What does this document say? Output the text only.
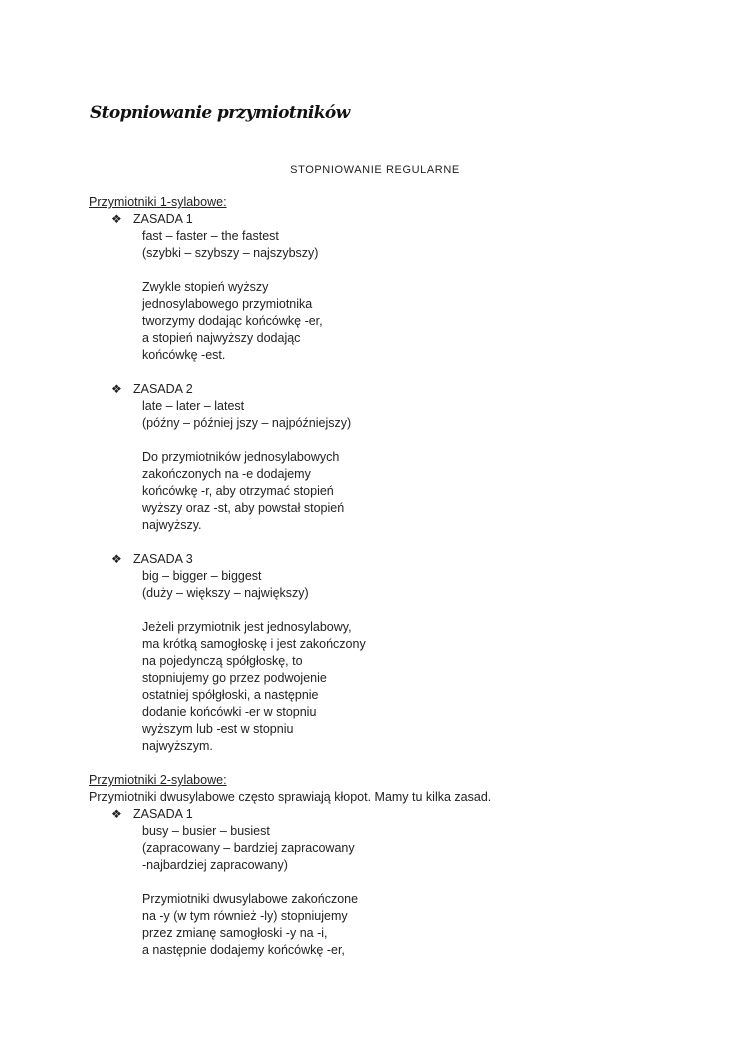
Stopniowanie przymiotników
STOPNIOWANIE REGULARNE
Przymiotniki 1-sylabowe:
❖ ZASADA 1
fast – faster – the fastest
(szybki – szybszy – najszybszy)
Zwykle stopień wyższy
jednosylabowego przymiotnika
tworzymy dodając końcówkę -er,
a stopień najwyższy dodając
końcówkę -est.
❖ ZASADA 2
late – later – latest
(późny – później jszy – najpóźniejszy)
Do przymiotników jednosylabowych
zakończonych na -e dodajemy
końcówkę -r, aby otrzymać stopień
wyższy oraz -st, aby powstał stopień
najwyższy.
❖ ZASADA 3
big – bigger – biggest
(duży – większy – największy)
Jeżeli przymiotnik jest jednosylabowy,
ma krótką samogłoskę i jest zakończony
na pojedynczą spółgłoskę, to
stopniujemy go przez podwojenie
ostatniej spółgłoski, a następnie
dodanie końcówki -er w stopniu
wyższym lub -est w stopniu
najwyższym.
Przymiotniki 2-sylabowe:
Przymiotniki dwusylabowe często sprawiają kłopot. Mamy tu kilka zasad.
❖ ZASADA 1
busy – busier – busiest
(zapracowany – bardziej zapracowany
-najbardziej zapracowany)
Przymiotniki dwusylabowe zakończone
na -y (w tym również -ly) stopniujemy
przez zmianę samogłoski -y na -i,
a następnie dodajemy końcówkę -er,
